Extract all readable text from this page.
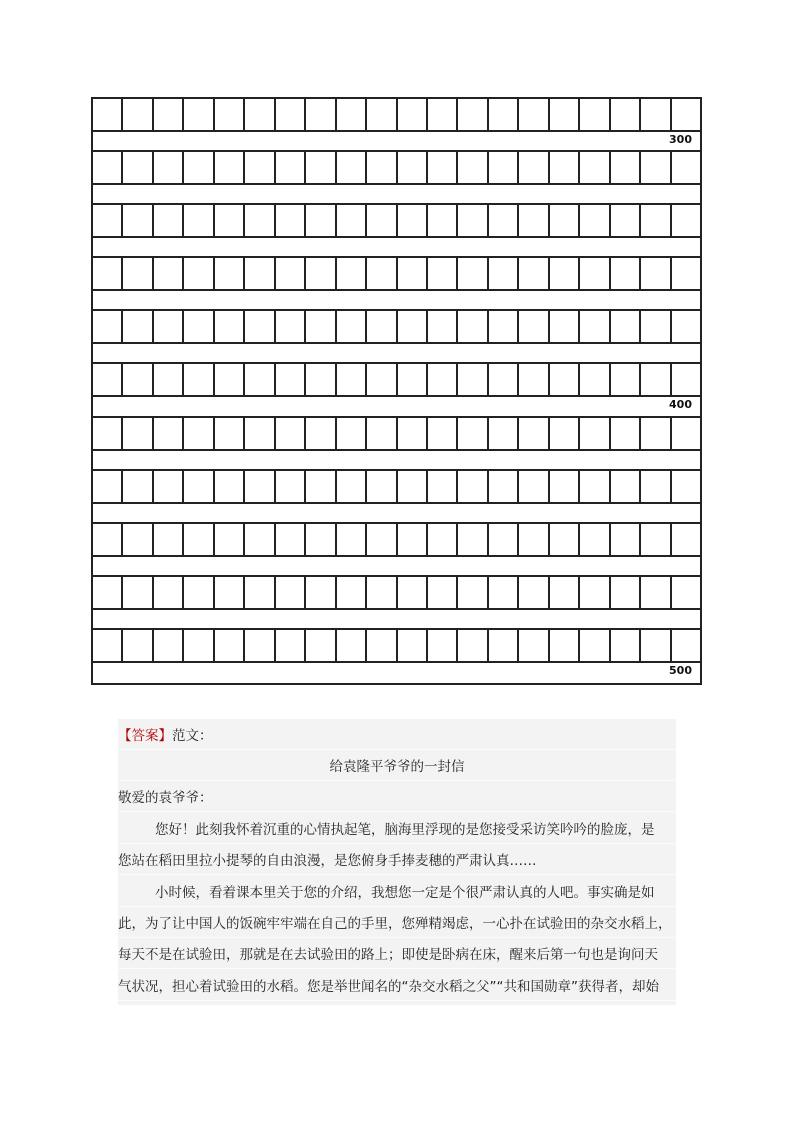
300
400
500
【答案】范文：
给袁隆平爷爷的一封信
敬爱的袁爷爷：
您好！此刻我怀着沉重的心情执起笔，脑海里浮现的是您接受采访笑吟吟的脸庞，是
您站在稻田里拉小提琴的自由浪漫，是您俯身手捧麦穗的严肃认真……
小时候，看着课本里关于您的介绍，我想您一定是个很严肃认真的人吧。事实确是如
此，为了让中国人的饭碗牢牢端在自己的手里，您殚精竭虑，一心扑在试验田的杂交水稻上，
每天不是在试验田，那就是在去试验田的路上；即使是卧病在床，醒来后第一句也是询问天
气状况，担心着试验田的水稻。您是举世闻名的“杂交水稻之父”“共和国勋章”获得者，却始
